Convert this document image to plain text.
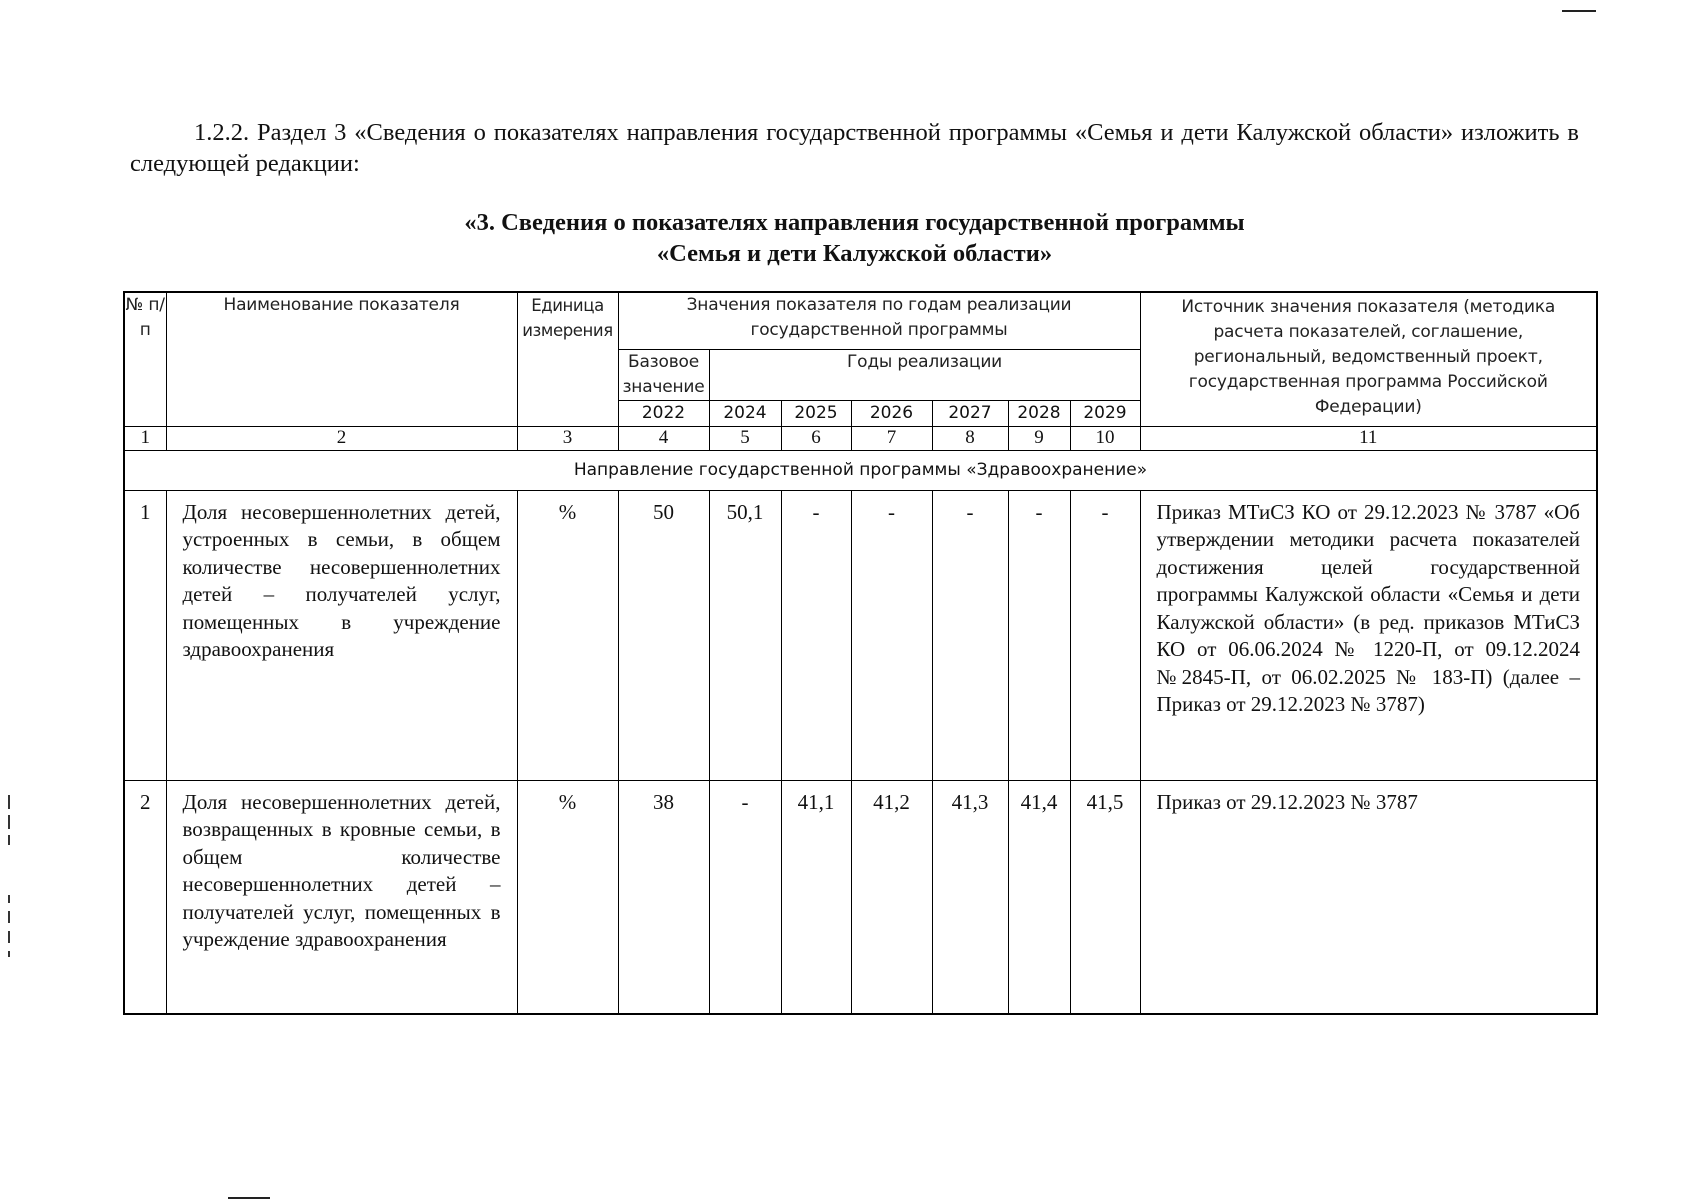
1.2.2. Раздел 3 «Сведения о показателях направления государственной программы «Семья и дети Калужской области» изложить в следующей редакции:

«3. Сведения о показателях направления государственной программы
«Семья и дети Калужской области»
№ п/п	Наименование показателя	Единица измерения	Значения показателя по годам реализации государственной программы							Источник значения показателя (методика расчета показателей, соглашение, региональный, ведомственный проект, государственная программа Российской Федерации)
			Базовое значение	Годы реализации						
			2022	2024	2025	2026	2027	2028	2029	
1	2	3	4	5	6	7	8	9	10	11
Направление государственной программы «Здравоохранение»										
1	Доля несовершеннолетних детей, устроенных в семьи, в общем количестве несовершеннолетних детей – получателей услуг, помещенных в учреждение здравоохранения	%	50	50,1	-	-	-	-	-	Приказ МТиСЗ КО от 29.12.2023 № 3787 «Об утверждении методики расчета показателей достижения целей государственной программы Калужской области «Семья и дети Калужской области» (в ред. приказов МТиСЗ КО от 06.06.2024 № 1220-П, от 09.12.2024 №2845-П, от 06.02.2025 № 183-П) (далее – Приказ от 29.12.2023 № 3787)
2	Доля несовершеннолетних детей, возвращенных в кровные семьи, в общем количестве несовершеннолетних детей – получателей услуг, помещенных в учреждение здравоохранения	%	38	-	41,1	41,2	41,3	41,4	41,5	Приказ от 29.12.2023 № 3787
